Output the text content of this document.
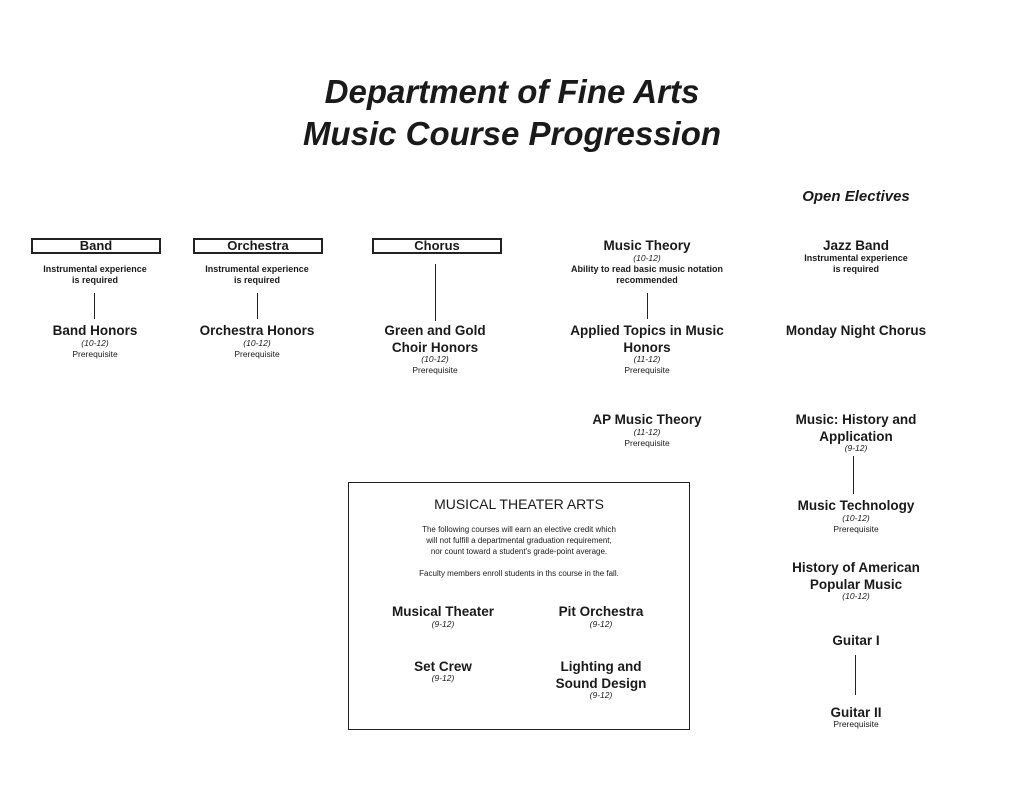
Department of Fine Arts
Music Course Progression
Open Electives
Band
Instrumental experience
is required
Band Honors
(10-12)
Prerequisite
Orchestra
Instrumental experience
is required
Orchestra Honors
(10-12)
Prerequisite
Chorus
Green and Gold
Choir Honors
(10-12)
Prerequisite
Music Theory
(10-12)
Ability to read basic music notation
recommended
Applied Topics in Music
Honors
(11-12)
Prerequisite
AP Music Theory
(11-12)
Prerequisite
Jazz Band
Instrumental experience
is required
Monday Night Chorus
Music: History and
Application
(9-12)
Music Technology
(10-12)
Prerequisite
History of American
Popular Music
(10-12)
Guitar I
Guitar II
Prerequisite
MUSICAL THEATER ARTS
The following courses will earn an elective credit which
will not fulfill a departmental graduation requirement,
nor count toward a student's grade-point average.
Faculty members enroll students in ths course in the fall.
Musical Theater
(9-12)
Pit Orchestra
(9-12)
Set Crew
(9-12)
Lighting and
Sound Design
(9-12)
